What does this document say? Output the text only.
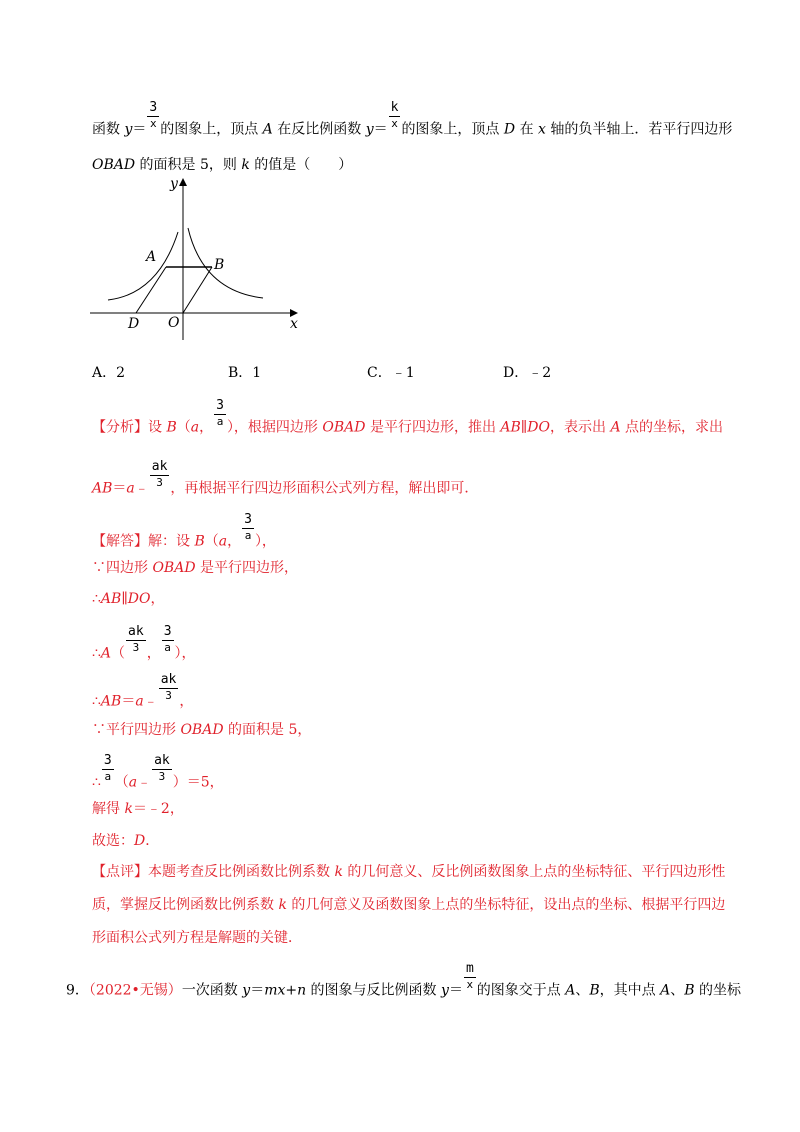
函数 $y= \frac{3}{x}$ 的图象上，顶点 A 在反比例函数 $y= \frac{k}{x}$ 的图象上，顶点 D 在 x 轴的负半轴上．若平行四边形
OBAD 的面积是 5，则 k 的值是（　　）
y
x
A	B
D O
A．2	B．1	C．﹣1	D．﹣2
【分析】设 B（a， $\frac{3}{a}$ ），根据四边形 OBAD 是平行四边形，推出 AB∥DO，表示出 A 点的坐标，求出
AB＝a﹣ $\frac{ak}{3}$ ，再根据平行四边形面积公式列方程，解出即可．
【解答】解：设 B（a， $\frac{3}{a}$ ），
∵四边形 OBAD 是平行四边形，
∴AB∥DO，
∴A（ $\frac{ak}{3}$ ， $\frac{3}{a}$ ），
∴AB＝a﹣ $\frac{ak}{3}$ ，
∵平行四边形 OBAD 的面积是 5，
∴ $\frac{3}{a}$ （a﹣ $\frac{ak}{3} )=5$，
解得 k＝﹣2，
故选：D．
【点评】本题考查反比例函数比例系数 k 的几何意义、反比例函数图象上点的坐标特征、平行四边形性
质，掌握反比例函数比例系数 k 的几何意义及函数图象上点的坐标特征，设出点的坐标、根据平行四边
形面积公式列方程是解题的关键．
9．（2022•无锡）一次函数 y＝mx+n 的图象与反比例函数 $y= \frac{m}{x}$ 的图象交于点 A、B，其中点 A、B 的坐标
